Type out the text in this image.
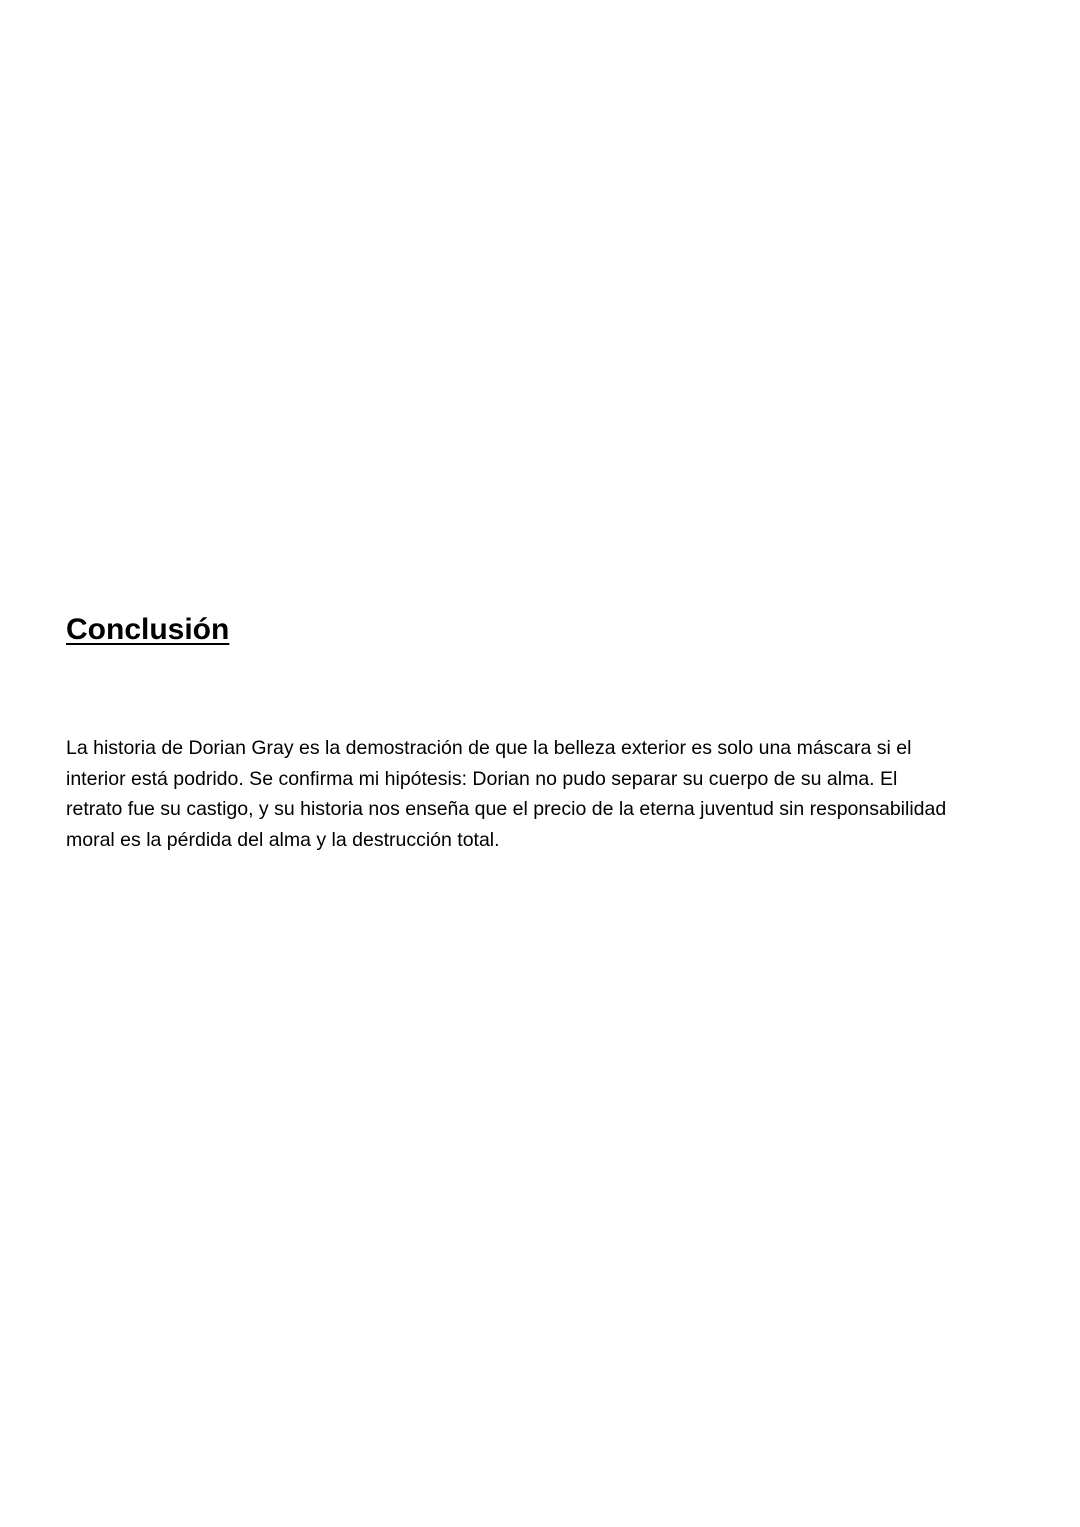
Conclusión

La historia de Dorian Gray es la demostración de que la belleza exterior es solo una máscara si el
interior está podrido. Se confirma mi hipótesis: Dorian no pudo separar su cuerpo de su alma. El
retrato fue su castigo, y su historia nos enseña que el precio de la eterna juventud sin responsabilidad
moral es la pérdida del alma y la destrucción total.
